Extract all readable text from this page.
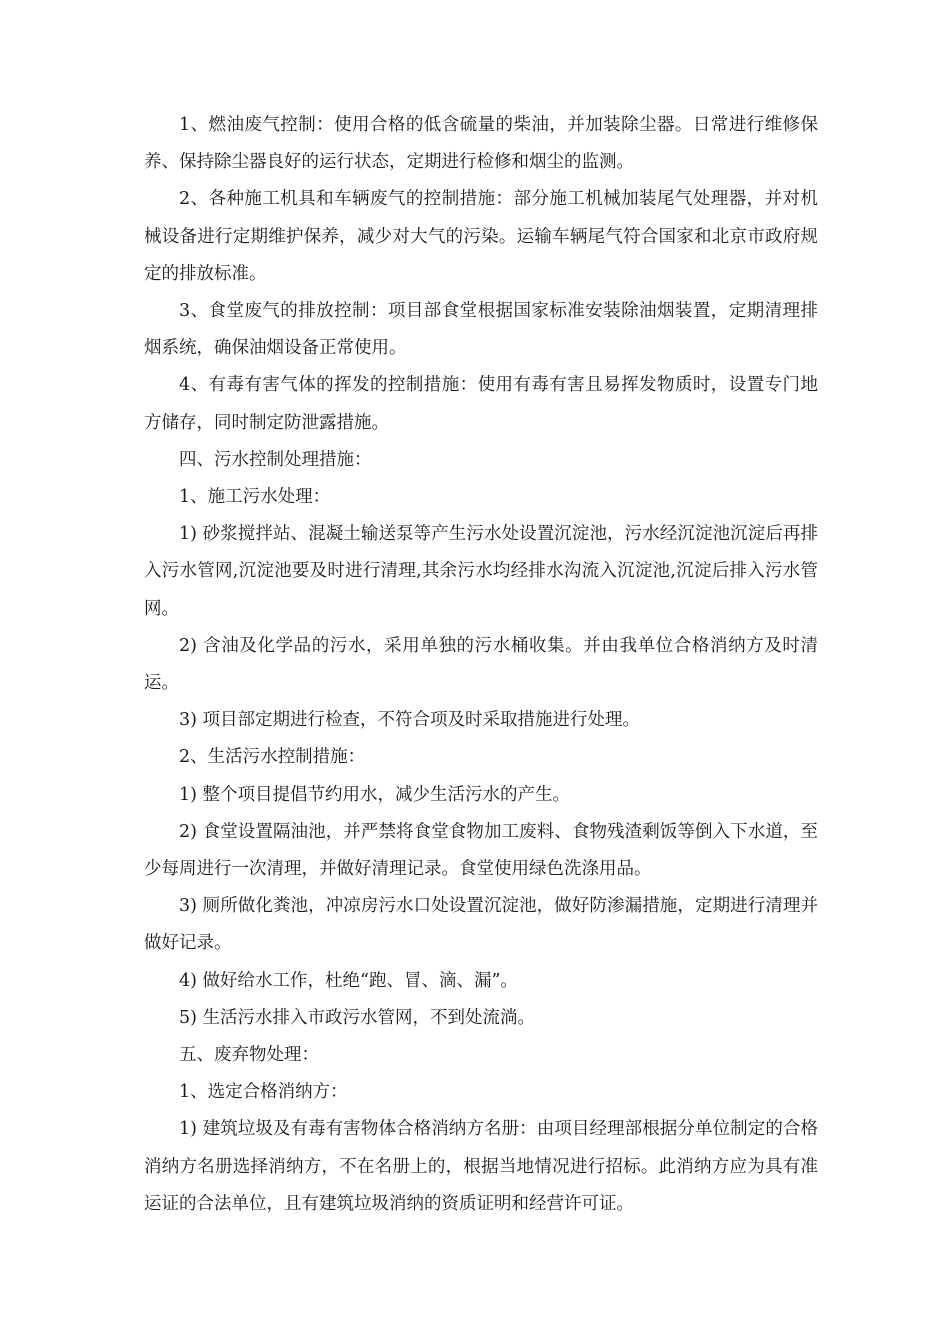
1、燃油废气控制：使用合格的低含硫量的柴油，并加装除尘器。日常进行维修保养、保持除尘器良好的运行状态，定期进行检修和烟尘的监测。

2、各种施工机具和车辆废气的控制措施：部分施工机械加装尾气处理器，并对机械设备进行定期维护保养，减少对大气的污染。运输车辆尾气符合国家和北京市政府规定的排放标准。

3、食堂废气的排放控制：项目部食堂根据国家标准安装除油烟装置，定期清理排烟系统，确保油烟设备正常使用。

4、有毒有害气体的挥发的控制措施：使用有毒有害且易挥发物质时，设置专门地方储存，同时制定防泄露措施。

四、污水控制处理措施：

1、施工污水处理：

1) 砂浆搅拌站、混凝土输送泵等产生污水处设置沉淀池，污水经沉淀池沉淀后再排入污水管网,沉淀池要及时进行清理,其余污水均经排水沟流入沉淀池,沉淀后排入污水管网。

2) 含油及化学品的污水，采用单独的污水桶收集。并由我单位合格消纳方及时清运。

3) 项目部定期进行检查，不符合项及时采取措施进行处理。

2、生活污水控制措施：

1) 整个项目提倡节约用水，减少生活污水的产生。

2) 食堂设置隔油池，并严禁将食堂食物加工废料、食物残渣剩饭等倒入下水道，至少每周进行一次清理，并做好清理记录。食堂使用绿色洗涤用品。

3) 厕所做化粪池，冲凉房污水口处设置沉淀池，做好防渗漏措施，定期进行清理并做好记录。

4) 做好给水工作，杜绝“跑、冒、滴、漏”。

5) 生活污水排入市政污水管网，不到处流淌。

五、废弃物处理：

1、选定合格消纳方：

1) 建筑垃圾及有毒有害物体合格消纳方名册：由项目经理部根据分单位制定的合格消纳方名册选择消纳方，不在名册上的，根据当地情况进行招标。此消纳方应为具有准运证的合法单位，且有建筑垃圾消纳的资质证明和经营许可证。
